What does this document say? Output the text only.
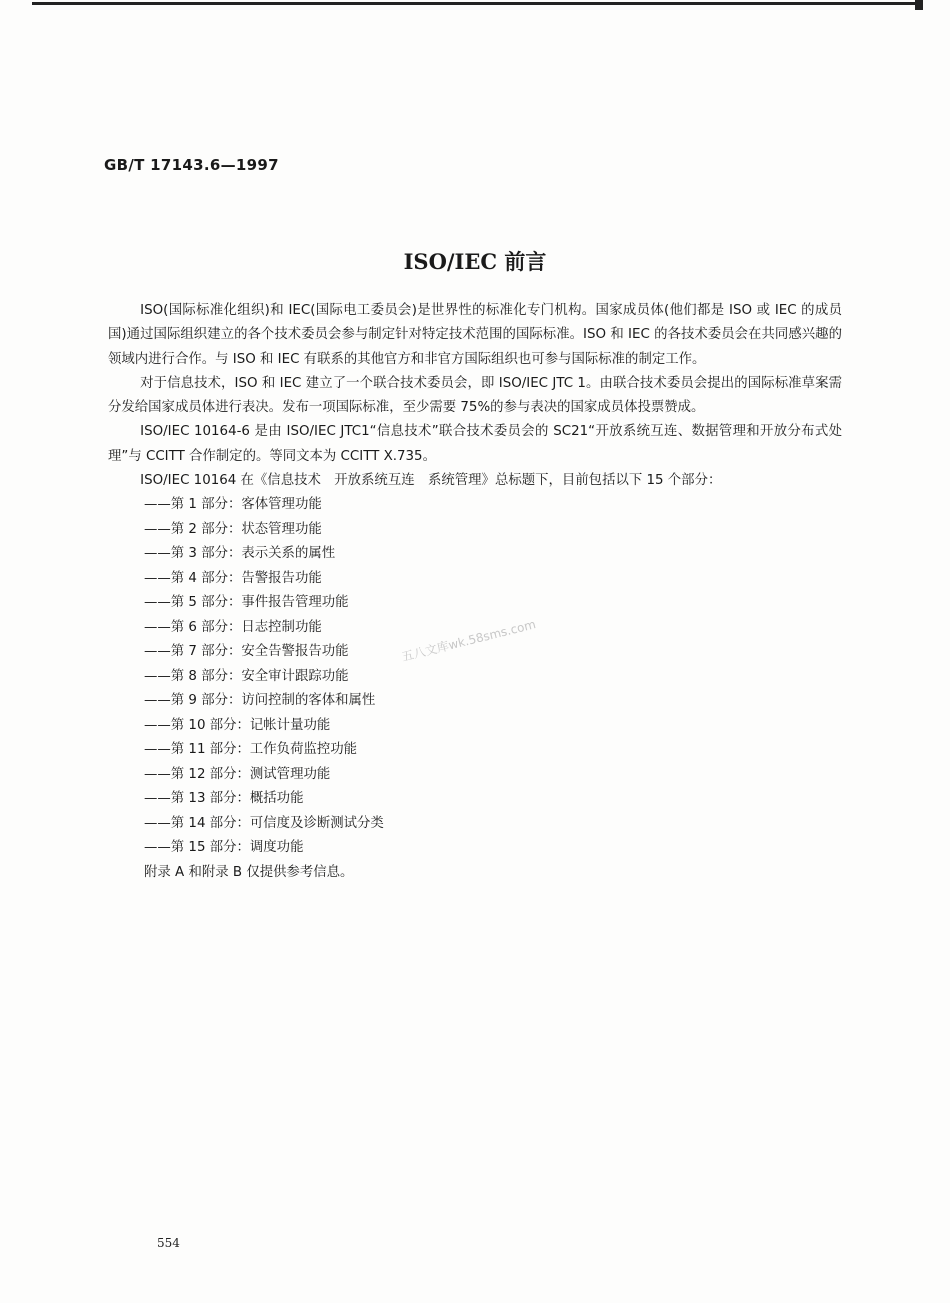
GB/T 17143.6—1997
ISO/IEC 前言

ISO(国际标准化组织)和 IEC(国际电工委员会)是世界性的标准化专门机构。国家成员体(他们都是 ISO 或 IEC 的成员国)通过国际组织建立的各个技术委员会参与制定针对特定技术范围的国际标准。ISO 和 IEC 的各技术委员会在共同感兴趣的领域内进行合作。与 ISO 和 IEC 有联系的其他官方和非官方国际组织也可参与国际标准的制定工作。

对于信息技术，ISO 和 IEC 建立了一个联合技术委员会，即 ISO/IEC JTC 1。由联合技术委员会提出的国际标准草案需分发给国家成员体进行表决。发布一项国际标准，至少需要 75%的参与表决的国家成员体投票赞成。

ISO/IEC 10164-6 是由 ISO/IEC JTC1“信息技术”联合技术委员会的 SC21“开放系统互连、数据管理和开放分布式处理”与 CCITT 合作制定的。等同文本为 CCITT X.735。

ISO/IEC 10164 在《信息技术　开放系统互连　系统管理》总标题下，目前包括以下 15 个部分：

——第 1 部分：客体管理功能
——第 2 部分：状态管理功能
——第 3 部分：表示关系的属性
——第 4 部分：告警报告功能
——第 5 部分：事件报告管理功能
——第 6 部分：日志控制功能
——第 7 部分：安全告警报告功能
——第 8 部分：安全审计跟踪功能
——第 9 部分：访问控制的客体和属性
——第 10 部分：记帐计量功能
——第 11 部分：工作负荷监控功能
——第 12 部分：测试管理功能
——第 13 部分：概括功能
——第 14 部分：可信度及诊断测试分类
——第 15 部分：调度功能
附录 A 和附录 B 仅提供参考信息。
五八文库wk.58sms.com
554
